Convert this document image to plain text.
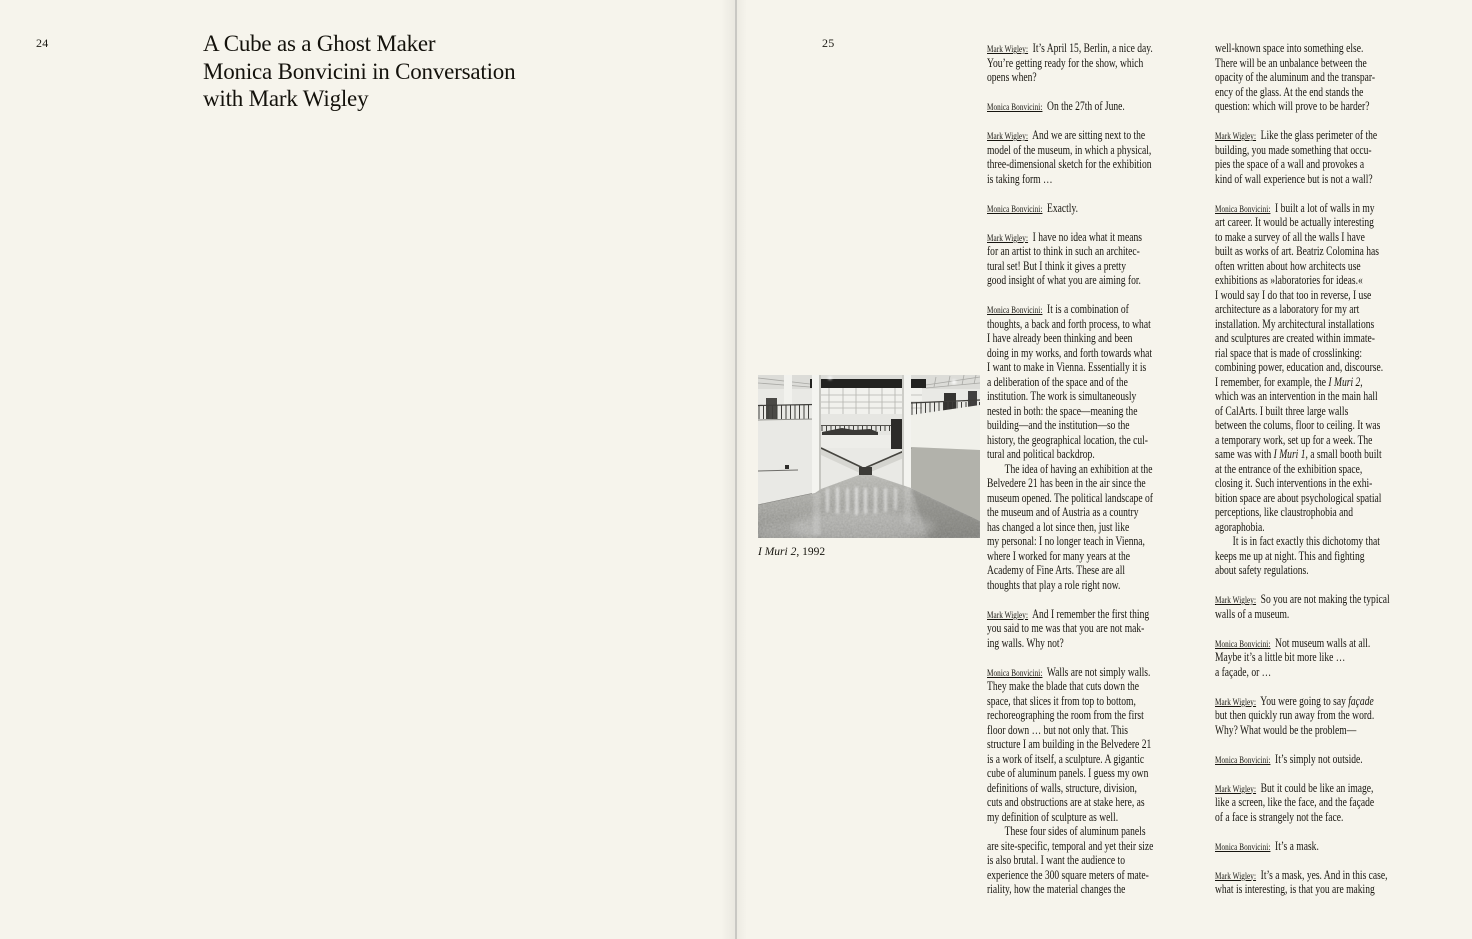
24	A Cube as a Ghost Maker
Monica Bonvicini in Conversation
with Mark Wigley
25
I Muri 2, 1992
Mark Wigley: It’s April 15, Berlin, a nice day.
You’re getting ready for the show, which
opens when?
Monica Bonvicini: On the 27th of June.
Mark Wigley: And we are sitting next to the
model of the museum, in which a physical,
three-dimensional sketch for the exhibition
is taking form …
Monica Bonvicini: Exactly.
Mark Wigley: I have no idea what it means
for an artist to think in such an architec-
tural set! But I think it gives a pretty
good insight of what you are aiming for.
Monica Bonvicini: It is a combination of
thoughts, a back and forth process, to what
I have already been thinking and been
doing in my works, and forth towards what
I want to make in Vienna. Essentially it is
a deliberation of the space and of the
institution. The work is simultaneously
nested in both: the space—meaning the
building—and the institution—so the
history, the geographical location, the cul-
tural and political backdrop.
The idea of having an exhibition at the
Belvedere 21 has been in the air since the
museum opened. The political landscape of
the museum and of Austria as a country
has changed a lot since then, just like
my personal: I no longer teach in Vienna,
where I worked for many years at the
Academy of Fine Arts. These are all
thoughts that play a role right now.
Mark Wigley: And I remember the first thing
you said to me was that you are not mak-
ing walls. Why not?
Monica Bonvicini: Walls are not simply walls.
They make the blade that cuts down the
space, that slices it from top to bottom,
rechoreographing the room from the first
floor down … but not only that. This
structure I am building in the Belvedere 21
is a work of itself, a sculpture. A gigantic
cube of aluminum panels. I guess my own
definitions of walls, structure, division,
cuts and obstructions are at stake here, as
my definition of sculpture as well.
These four sides of aluminum panels
are site-specific, temporal and yet their size
is also brutal. I want the audience to
experience the 300 square meters of mate-
riality, how the material changes the
well-known space into something else.
There will be an unbalance between the
opacity of the aluminum and the transpar-
ency of the glass. At the end stands the
question: which will prove to be harder?
Mark Wigley: Like the glass perimeter of the
building, you made something that occu-
pies the space of a wall and provokes a
kind of wall experience but is not a wall?
Monica Bonvicini: I built a lot of walls in my
art career. It would be actually interesting
to make a survey of all the walls I have
built as works of art. Beatriz Colomina has
often written about how architects use
exhibitions as »laboratories for ideas.«
I would say I do that too in reverse, I use
architecture as a laboratory for my art
installation. My architectural installations
and sculptures are created within immate-
rial space that is made of crosslinking:
combining power, education and, discourse.
I remember, for example, the I Muri 2,
which was an intervention in the main hall
of CalArts. I built three large walls
between the colums, floor to ceiling. It was
a temporary work, set up for a week. The
same was with I Muri 1, a small booth built
at the entrance of the exhibition space,
closing it. Such interventions in the exhi-
bition space are about psychological spatial
perceptions, like claustrophobia and
agoraphobia.
It is in fact exactly this dichotomy that
keeps me up at night. This and fighting
about safety regulations.
Mark Wigley: So you are not making the typical
walls of a museum.
Monica Bonvicini: Not museum walls at all.
Maybe it’s a little bit more like …
a façade, or …
Mark Wigley: You were going to say façade
but then quickly run away from the word.
Why? What would be the problem—
Monica Bonvicini: It’s simply not outside.
Mark Wigley: But it could be like an image,
like a screen, like the face, and the façade
of a face is strangely not the face.
Monica Bonvicini: It’s a mask.
Mark Wigley: It’s a mask, yes. And in this case,
what is interesting, is that you are making
